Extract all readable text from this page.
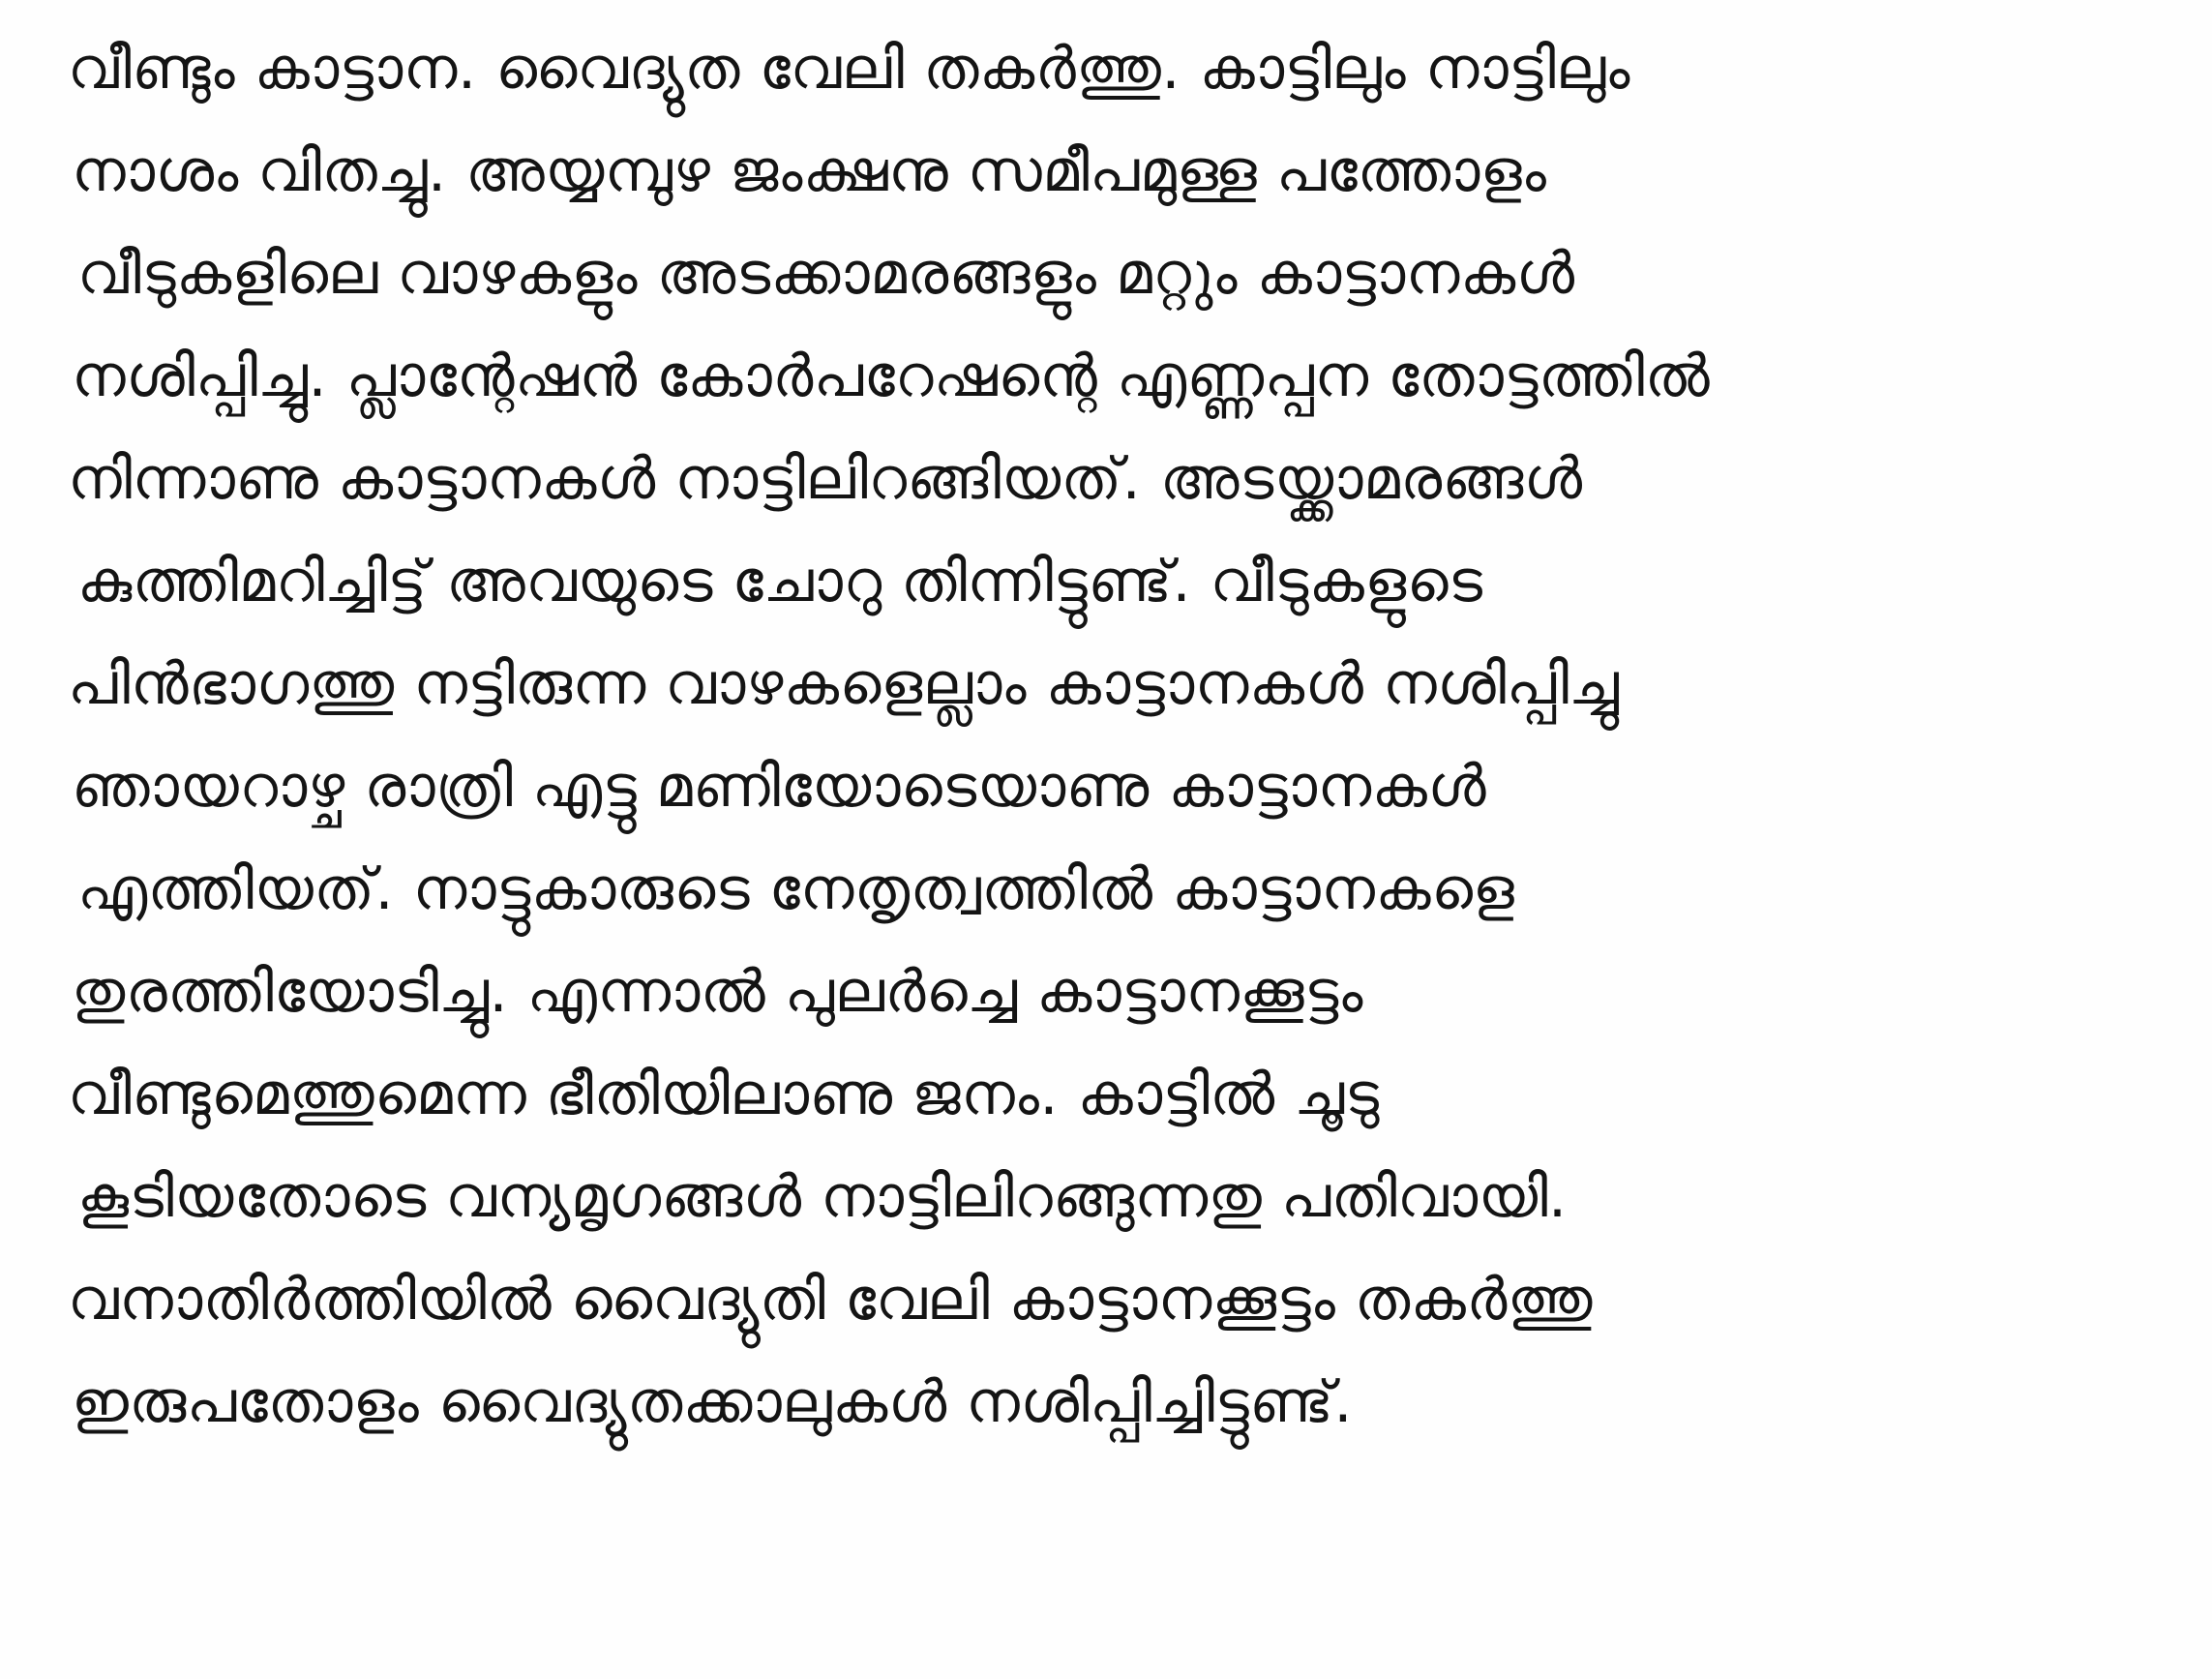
വീണ്ടും കാട്ടാന. വൈദ്യുത വേലി തകർത്തു. കാട്ടിലും നാട്ടിലും
നാശം വിതച്ചു. അയ്യമ്പുഴ ജംക്ഷനു സമീപമുള്ള പത്തോളം
വീടുകളിലെ വാഴകളും അടക്കാമരങ്ങളും മറ്റും കാട്ടാനകൾ
നശിപ്പിച്ചു. പ്ലാന്റേഷൻ കോർപറേഷന്റെ എണ്ണപ്പന തോട്ടത്തിൽ
നിന്നാണു കാട്ടാനകൾ നാട്ടിലിറങ്ങിയത്. അടയ്ക്കാമരങ്ങൾ
കുത്തിമറിച്ചിട്ട് അവയുടെ ചോറു തിന്നിട്ടുണ്ട്. വീടുകളുടെ
പിൻഭാഗത്തു നട്ടിരുന്ന വാഴകളെല്ലാം കാട്ടാനകൾ നശിപ്പിച്ചു
ഞായറാഴ്ച രാത്രി എട്ടു മണിയോടെയാണു കാട്ടാനകൾ
എത്തിയത്. നാട്ടുകാരുടെ നേതൃത്വത്തിൽ കാട്ടാനകളെ
തുരത്തിയോടിച്ചു. എന്നാൽ പുലർച്ചെ കാട്ടാനക്കൂട്ടം
വീണ്ടുമെത്തുമെന്ന ഭീതിയിലാണു ജനം. കാട്ടിൽ ചൂടു
കൂടിയതോടെ വന്യമൃഗങ്ങൾ നാട്ടിലിറങ്ങുന്നതു പതിവായി.
വനാതിർത്തിയിൽ വൈദ്യുതി വേലി കാട്ടാനക്കൂട്ടം തകർത്തു
ഇരുപതോളം വൈദ്യുതക്കാലുകൾ നശിപ്പിച്ചിട്ടുണ്ട്.
